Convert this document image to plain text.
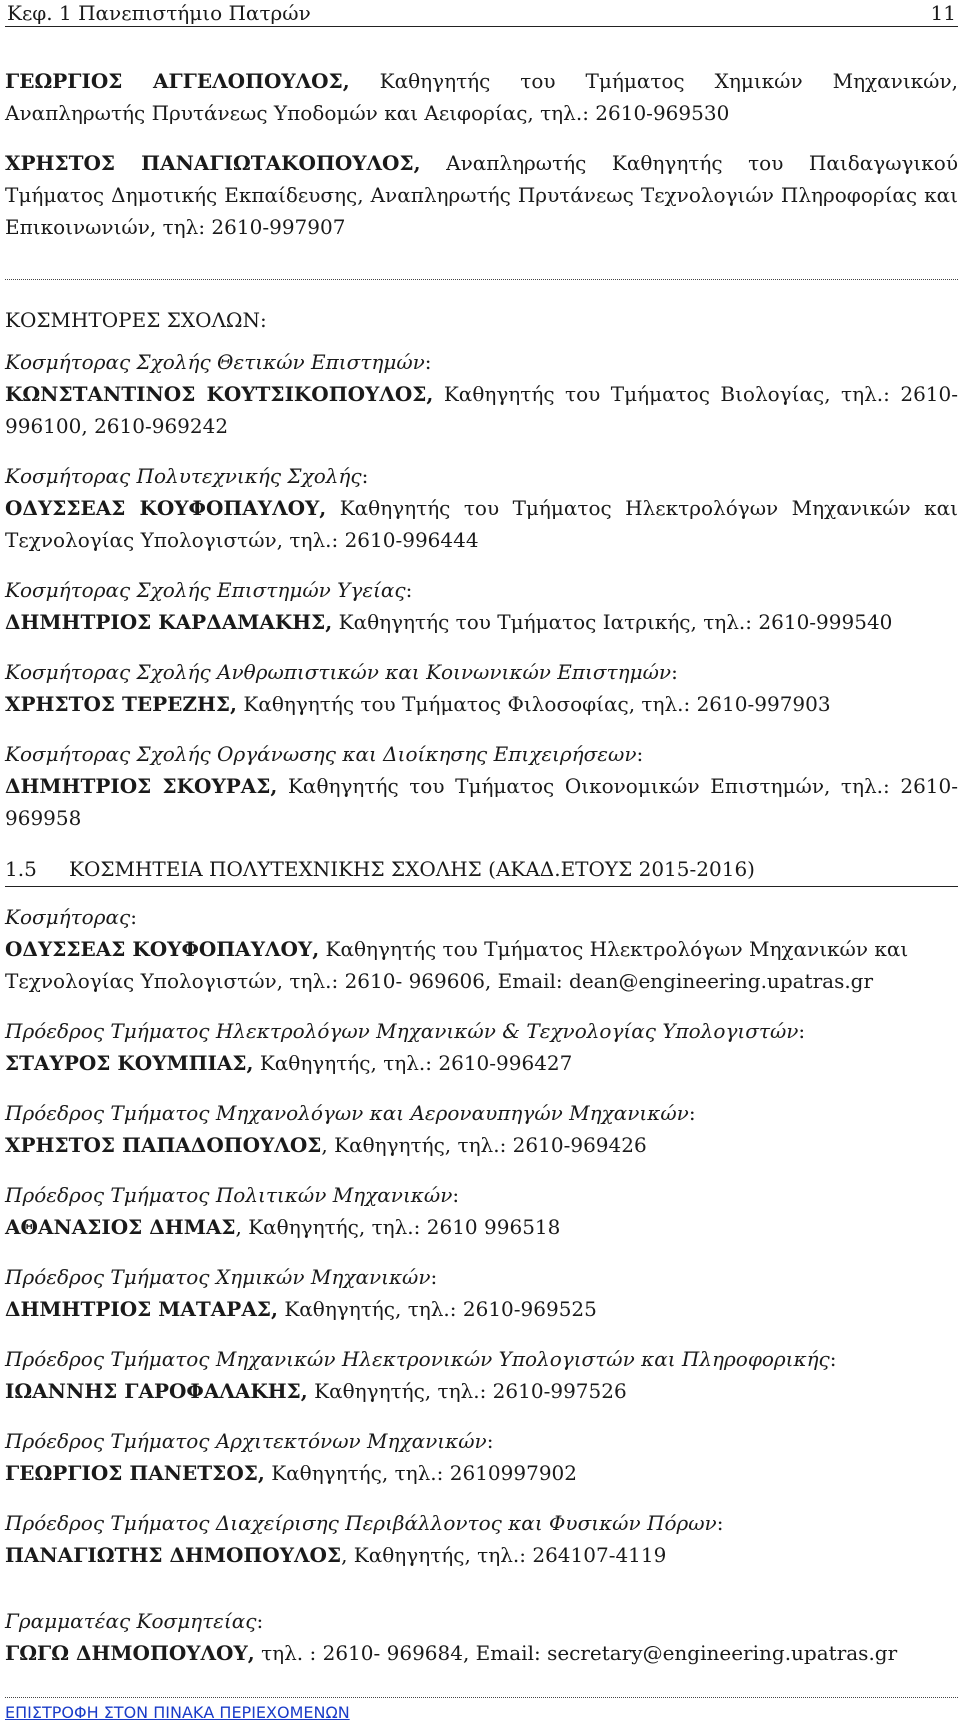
Κεφ. 1 Πανεπιστήμιο Πατρών	11

ΓΕΩΡΓΙΟΣ ΑΓΓΕΛΟΠΟΥΛΟΣ, Καθηγητής του Τμήματος Χημικών Μηχανικών, Αναπληρωτής Πρυτάνεως Υποδομών και Αειφορίας, τηλ.: 2610-969530

ΧΡΗΣΤΟΣ ΠΑΝΑΓΙΩΤΑΚΟΠΟΥΛΟΣ, Αναπληρωτής Καθηγητής του Παιδαγωγικού Τμήματος Δημοτικής Εκπαίδευσης, Αναπληρωτής Πρυτάνεως Τεχνολογιών Πληροφορίας και Επικοινωνιών, τηλ: 2610-997907

ΚΟΣΜΗΤΟΡΕΣ ΣΧΟΛΩΝ:

Κοσμήτορας Σχολής Θετικών Επιστημών:

ΚΩΝΣΤΑΝΤΙΝΟΣ ΚΟΥΤΣΙΚΟΠΟΥΛΟΣ, Καθηγητής του Τμήματος Βιολογίας, τηλ.: 2610-996100, 2610-969242

Κοσμήτορας Πολυτεχνικής Σχολής:

ΟΔΥΣΣΕΑΣ ΚΟΥΦΟΠΑΥΛΟΥ, Καθηγητής του Τμήματος Ηλεκτρολόγων Μηχανικών και Τεχνολογίας Υπολογιστών, τηλ.: 2610-996444

Κοσμήτορας Σχολής Επιστημών Υγείας:

ΔΗΜΗΤΡΙΟΣ ΚΑΡΔΑΜΑΚΗΣ, Καθηγητής του Τμήματος Ιατρικής, τηλ.: 2610-999540

Κοσμήτορας Σχολής Ανθρωπιστικών και Κοινωνικών Επιστημών:

ΧΡΗΣΤΟΣ ΤΕΡΕΖΗΣ, Καθηγητής του Τμήματος Φιλοσοφίας, τηλ.: 2610-997903

Κοσμήτορας Σχολής Οργάνωσης και Διοίκησης Επιχειρήσεων:

ΔΗΜΗΤΡΙΟΣ ΣΚΟΥΡΑΣ, Καθηγητής του Τμήματος Οικονομικών Επιστημών, τηλ.: 2610- 969958

1.5	ΚΟΣΜΗΤΕΙΑ ΠΟΛΥΤΕΧΝΙΚΗΣ ΣΧΟΛΗΣ (ΑΚΑΔ.ΕΤΟΥΣ 2015-2016)

Κοσμήτορας:

ΟΔΥΣΣΕΑΣ ΚΟΥΦΟΠΑΥΛΟΥ, Καθηγητής του Τμήματος Ηλεκτρολόγων Μηχανικών και Τεχνολογίας Υπολογιστών, τηλ.: 2610- 969606, Email: dean@engineering.upatras.gr

Πρόεδρος Τμήματος Ηλεκτρολόγων Μηχανικών & Τεχνολογίας Υπολογιστών:

ΣΤΑΥΡΟΣ ΚΟΥΜΠΙΑΣ, Καθηγητής, τηλ.: 2610-996427

Πρόεδρος Τμήματος Μηχανολόγων και Αεροναυπηγών Μηχανικών:

ΧΡΗΣΤΟΣ ΠΑΠΑΔΟΠΟΥΛΟΣ, Καθηγητής, τηλ.: 2610-969426

Πρόεδρος Τμήματος Πολιτικών Μηχανικών:

ΑΘΑΝΑΣΙΟΣ ΔΗΜΑΣ, Καθηγητής, τηλ.: 2610 996518

Πρόεδρος Τμήματος Χημικών Μηχανικών:

ΔΗΜΗΤΡΙΟΣ ΜΑΤΑΡΑΣ, Καθηγητής, τηλ.: 2610-969525

Πρόεδρος Τμήματος Μηχανικών Ηλεκτρονικών Υπολογιστών και Πληροφορικής:

ΙΩΑΝΝΗΣ ΓΑΡΟΦΑΛΑΚΗΣ, Καθηγητής, τηλ.: 2610-997526

Πρόεδρος Τμήματος Αρχιτεκτόνων Μηχανικών:

ΓΕΩΡΓΙΟΣ ΠΑΝΕΤΣΟΣ, Καθηγητής, τηλ.: 2610997902

Πρόεδρος Τμήματος Διαχείρισης Περιβάλλοντος και Φυσικών Πόρων:

ΠΑΝΑΓΙΩΤΗΣ ΔΗΜΟΠΟΥΛΟΣ, Καθηγητής, τηλ.: 264107-4119

Γραμματέας Κοσμητείας:

ΓΩΓΩ ΔΗΜΟΠΟΥΛΟΥ, τηλ. : 2610- 969684, Email: secretary@engineering.upatras.gr

ΕΠΙΣΤΡΟΦΗ ΣΤΟΝ ΠΙΝΑΚΑ ΠΕΡΙΕΧΟΜΕΝΩΝ
